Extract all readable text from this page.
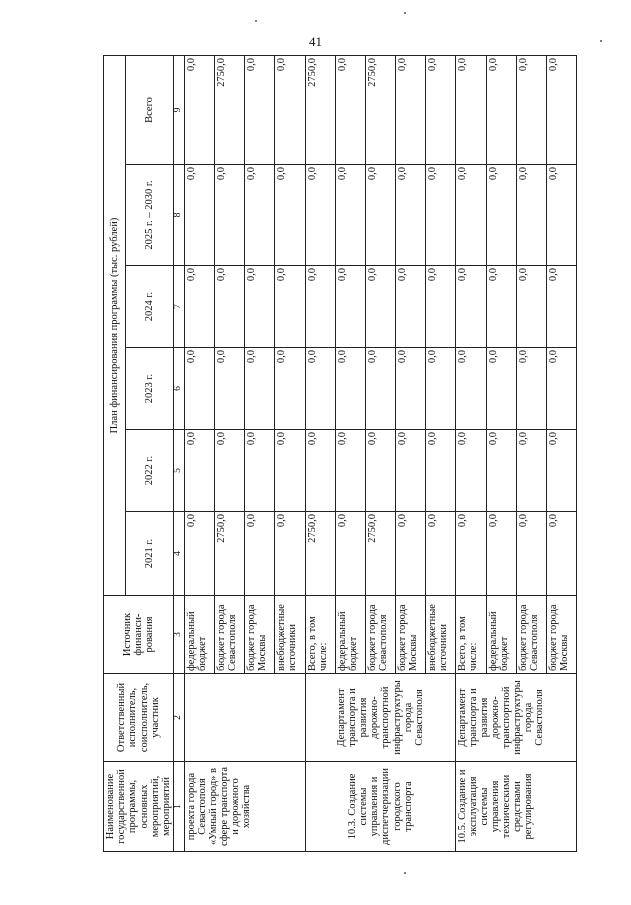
41
Наименование государственной программы, основных мероприятий, мероприятий	Ответственный исполнитель, соисполнитель, участник	Источник финанси-рования	План финансирования программы (тыс. рублей)					
			2021 г.	2022 г.	2023 г.	2024 г.	2025 г. – 2030 г.	Всего
1	2	3	4	5	6	7	8	9
проекта города Севастополя «Умный город» в сфере транспорта и дорожного хозяйства		федеральный бюджет	0,0	0,0	0,0	0,0	0,0	0,0
		бюджет города Севастополя	2750,0	0,0	0,0	0,0	0,0	2750,0
		бюджет города Москвы	0,0	0,0	0,0	0,0	0,0	0,0
		внебюджетные источники	0,0	0,0	0,0	0,0	0,0	0,0
10.3. Создание системы управления и диспетчеризации городского транспорта	Департамент транспорта и развития дорожно-транспортной инфраструктуры города Севастополя	Всего, в том числе:	2750,0	0,0	0,0	0,0	0,0	2750,0
		федеральный бюджет	0,0	0,0	0,0	0,0	0,0	0,0
		бюджет города Севастополя	2750,0	0,0	0,0	0,0	0,0	2750,0
		бюджет города Москвы	0,0	0,0	0,0	0,0	0,0	0,0
		внебюджетные источники	0,0	0,0	0,0	0,0	0,0	0,0
10.5. Создание и эксплуатация системы управления техническими средствами регулирования	Департамент транспорта и развития дорожно-транспортной инфраструктуры города Севастополя	Всего, в том числе:	0,0	0,0	0,0	0,0	0,0	0,0
		федеральный бюджет	0,0	0,0	0,0	0,0	0,0	0,0
		бюджет города Севастополя	0,0	0,0	0,0	0,0	0,0	0,0
		бюджет города Москвы	0,0	0,0	0,0	0,0	0,0	0,0
